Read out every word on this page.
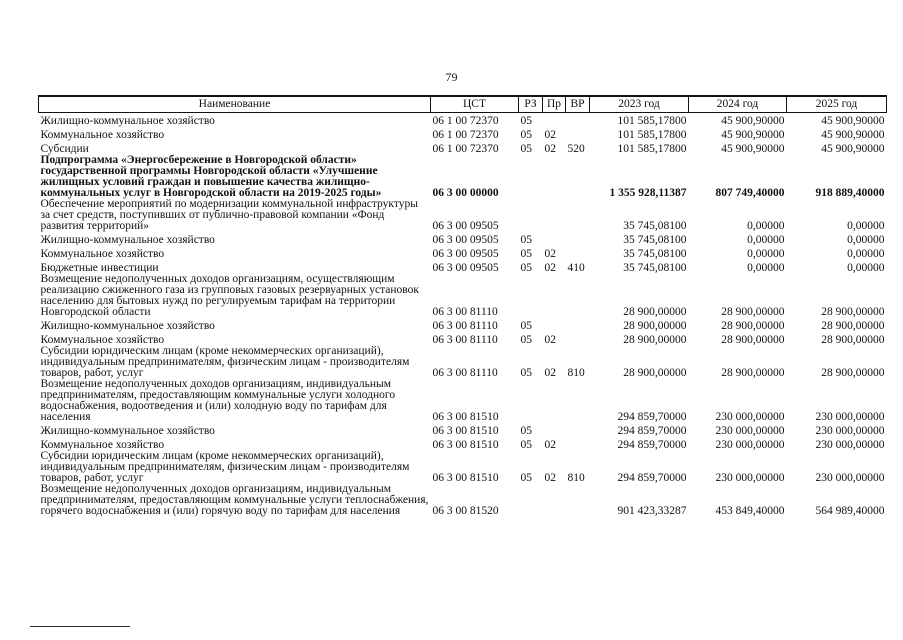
79
Наименование	ЦСТ	РЗ	Пр	ВР	2023 год	2024 год	2025 год
Жилищно-коммунальное хозяйство	06 1 00 72370	05			101 585,17800	45 900,90000	45 900,90000
Коммунальное хозяйство	06 1 00 72370	05	02		101 585,17800	45 900,90000	45 900,90000
Субсидии	06 1 00 72370	05	02	520	101 585,17800	45 900,90000	45 900,90000
Подпрограмма «Энергосбережение в Новгородской области» государственной программы Новгородской области «Улучшение жилищных условий граждан и повышение качества жилищно-коммунальных услуг в Новгородской области на 2019-2025 годы»	06 3 00 00000				1 355 928,11387	807 749,40000	918 889,40000
Обеспечение мероприятий по модернизации коммунальной инфраструктуры за счет средств, поступивших от публично-правовой компании «Фонд развития территорий»	06 3 00 09505				35 745,08100	0,00000	0,00000
Жилищно-коммунальное хозяйство	06 3 00 09505	05			35 745,08100	0,00000	0,00000
Коммунальное хозяйство	06 3 00 09505	05	02		35 745,08100	0,00000	0,00000
Бюджетные инвестиции	06 3 00 09505	05	02	410	35 745,08100	0,00000	0,00000
Возмещение недополученных доходов организациям, осуществляющим реализацию сжиженного газа из групповых газовых резервуарных установок населению для бытовых нужд по регулируемым тарифам на территории Новгородской области	06 3 00 81110				28 900,00000	28 900,00000	28 900,00000
Жилищно-коммунальное хозяйство	06 3 00 81110	05			28 900,00000	28 900,00000	28 900,00000
Коммунальное хозяйство	06 3 00 81110	05	02		28 900,00000	28 900,00000	28 900,00000
Субсидии юридическим лицам (кроме некоммерческих организаций), индивидуальным предпринимателям, физическим лицам - производителям товаров, работ, услуг	06 3 00 81110	05	02	810	28 900,00000	28 900,00000	28 900,00000
Возмещение недополученных доходов организациям, индивидуальным предпринимателям, предоставляющим коммунальные услуги холодного водоснабжения, водоотведения и (или) холодную воду по тарифам для населения	06 3 00 81510				294 859,70000	230 000,00000	230 000,00000
Жилищно-коммунальное хозяйство	06 3 00 81510	05			294 859,70000	230 000,00000	230 000,00000
Коммунальное хозяйство	06 3 00 81510	05	02		294 859,70000	230 000,00000	230 000,00000
Субсидии юридическим лицам (кроме некоммерческих организаций), индивидуальным предпринимателям, физическим лицам - производителям товаров, работ, услуг	06 3 00 81510	05	02	810	294 859,70000	230 000,00000	230 000,00000
Возмещение недополученных доходов организациям, индивидуальным предпринимателям, предоставляющим коммунальные услуги теплоснабжения, горячего водоснабжения и (или) горячую воду по тарифам для населения	06 3 00 81520				901 423,33287	453 849,40000	564 989,40000
